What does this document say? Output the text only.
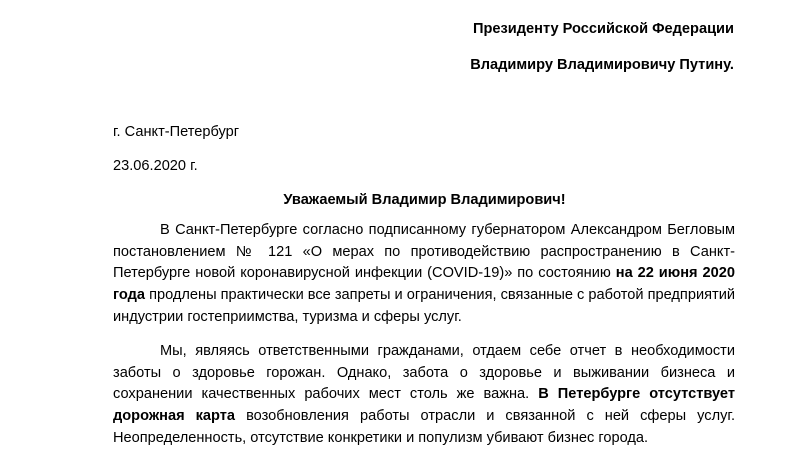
Президенту Российской Федерации
Владимиру Владимировичу Путину.
г. Санкт-Петербург
23.06.2020 г.
Уважаемый Владимир Владимирович!

В Санкт-Петербурге согласно подписанному губернатором Александром Бегловым постановлением № 121 «О мерах по противодействию распространению в Санкт-Петербурге новой коронавирусной инфекции (COVID-19)» по состоянию на 22 июня 2020 года продлены практически все запреты и ограничения, связанные с работой предприятий индустрии гостеприимства, туризма и сферы услуг.

Мы, являясь ответственными гражданами, отдаем себе отчет в необходимости заботы о здоровье горожан. Однако, забота о здоровье и выживании бизнеса и сохранении качественных рабочих мест столь же важна. В Петербурге отсутствует дорожная карта возобновления работы отрасли и связанной с ней сферы услуг. Неопределенность, отсутствие конкретики и популизм убивают бизнес города.
